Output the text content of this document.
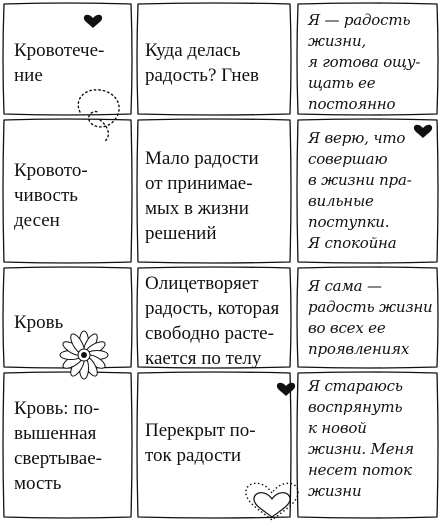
Кровотече-
ние
Куда делась
радость? Гнев
Я — радость
жизни,
я готова ощу-
щать ее
постоянно
Кровото-
чивость
десен
Мало радости
от принимае-
мых в жизни
решений
Я верю, что
совершаю
в жизни пра-
вильные
поступки.
Я спокойна
Кровь
Олицетворяет
радость, которая
свободно расте-
кается по телу
Я сама —
радость жизни
во всех ее
проявлениях
Кровь: по-
вышенная
свертывае-
мость
Перекрыт по-
ток радости
Я стараюсь
воспрянуть
к новой
жизни. Меня
несет поток
жизни
